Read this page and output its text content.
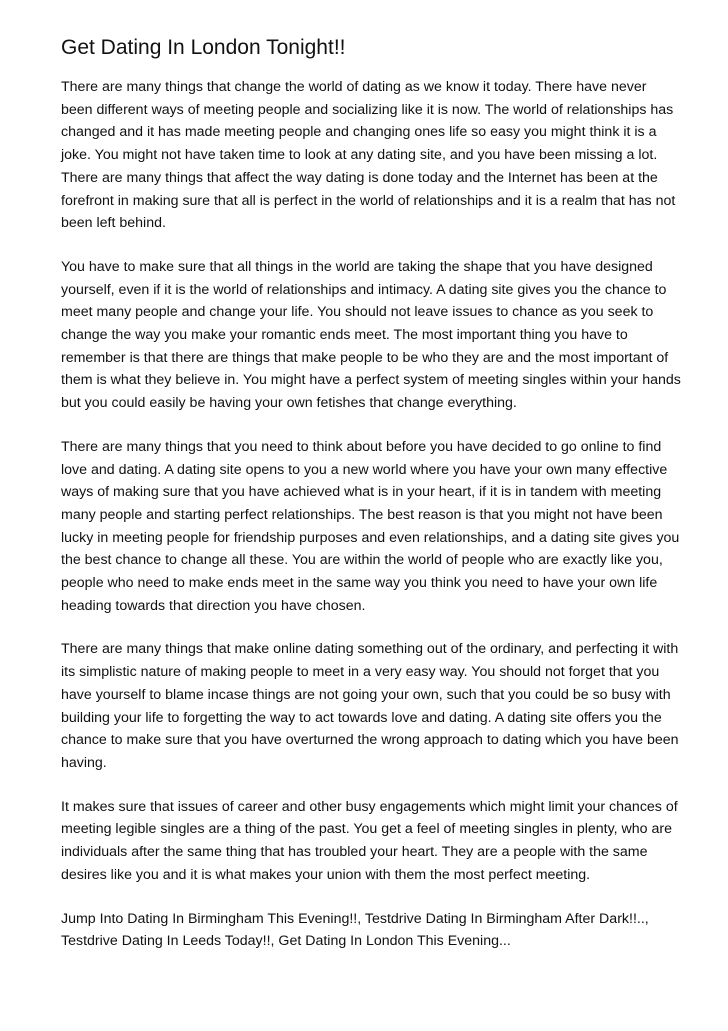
Get Dating In London Tonight!!

There are many things that change the world of dating as we know it today. There have never been different ways of meeting people and socializing like it is now. The world of relationships has changed and it has made meeting people and changing ones life so easy you might think it is a joke. You might not have taken time to look at any dating site, and you have been missing a lot. There are many things that affect the way dating is done today and the Internet has been at the forefront in making sure that all is perfect in the world of relationships and it is a realm that has not been left behind.

You have to make sure that all things in the world are taking the shape that you have designed yourself, even if it is the world of relationships and intimacy. A dating site gives you the chance to meet many people and change your life. You should not leave issues to chance as you seek to change the way you make your romantic ends meet. The most important thing you have to remember is that there are things that make people to be who they are and the most important of them is what they believe in. You might have a perfect system of meeting singles within your hands but you could easily be having your own fetishes that change everything.

There are many things that you need to think about before you have decided to go online to find love and dating. A dating site opens to you a new world where you have your own many effective ways of making sure that you have achieved what is in your heart, if it is in tandem with meeting many people and starting perfect relationships. The best reason is that you might not have been lucky in meeting people for friendship purposes and even relationships, and a dating site gives you the best chance to change all these. You are within the world of people who are exactly like you, people who need to make ends meet in the same way you think you need to have your own life heading towards that direction you have chosen.

There are many things that make online dating something out of the ordinary, and perfecting it with its simplistic nature of making people to meet in a very easy way. You should not forget that you have yourself to blame incase things are not going your own, such that you could be so busy with building your life to forgetting the way to act towards love and dating. A dating site offers you the chance to make sure that you have overturned the wrong approach to dating which you have been having.

It makes sure that issues of career and other busy engagements which might limit your chances of meeting legible singles are a thing of the past. You get a feel of meeting singles in plenty, who are individuals after the same thing that has troubled your heart. They are a people with the same desires like you and it is what makes your union with them the most perfect meeting.

Jump Into Dating In Birmingham This Evening!!, Testdrive Dating In Birmingham After Dark!!.., Testdrive Dating In Leeds Today!!, Get Dating In London This Evening...
